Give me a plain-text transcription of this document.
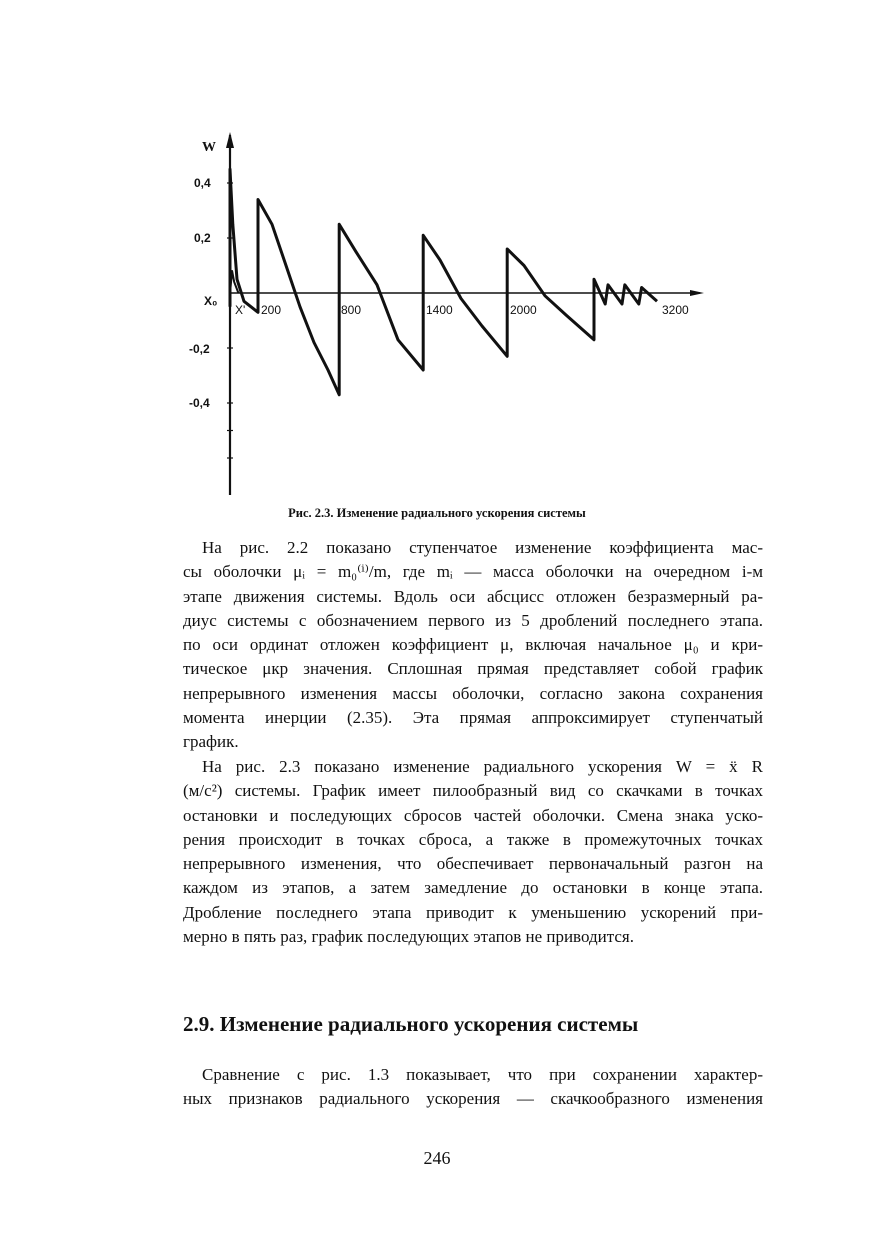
W
0,4
0,2
X₀
-0,2
-0,4
X' 200	800	1400	2000	3200
Рис. 2.3. Изменение радиального ускорения системы
На рис. 2.2 показано ступенчатое изменение коэффициента мас-
сы оболочки μᵢ = m₀⁽ⁱ⁾/m, где mᵢ — масса оболочки на очередном i-м
этапе движения системы. Вдоль оси абсцисс отложен безразмерный ра-
диус системы с обозначением первого из 5 дроблений последнего этапа.
по оси ординат отложен коэффициент μ, включая начальное μ₀ и кри-
тическое μкр значения. Сплошная прямая представляет собой график
непрерывного изменения массы оболочки, согласно закона сохранения
момента инерции (2.35). Эта прямая аппроксимирует ступенчатый
график.
На рис. 2.3 показано изменение радиального ускорения W = ẍ R
(м/с²) системы. График имеет пилообразный вид со скачками в точках
остановки и последующих сбросов частей оболочки. Смена знака уско-
рения происходит в точках сброса, а также в промежуточных точках
непрерывного изменения, что обеспечивает первоначальный разгон на
каждом из этапов, а затем замедление до остановки в конце этапа.
Дробление последнего этапа приводит к уменьшению ускорений при-
мерно в пять раз, график последующих этапов не приводится.
2.9. Изменение радиального ускорения системы
Сравнение с рис. 1.3 показывает, что при сохранении характер-
ных признаков радиального ускорения — скачкообразного изменения
246
